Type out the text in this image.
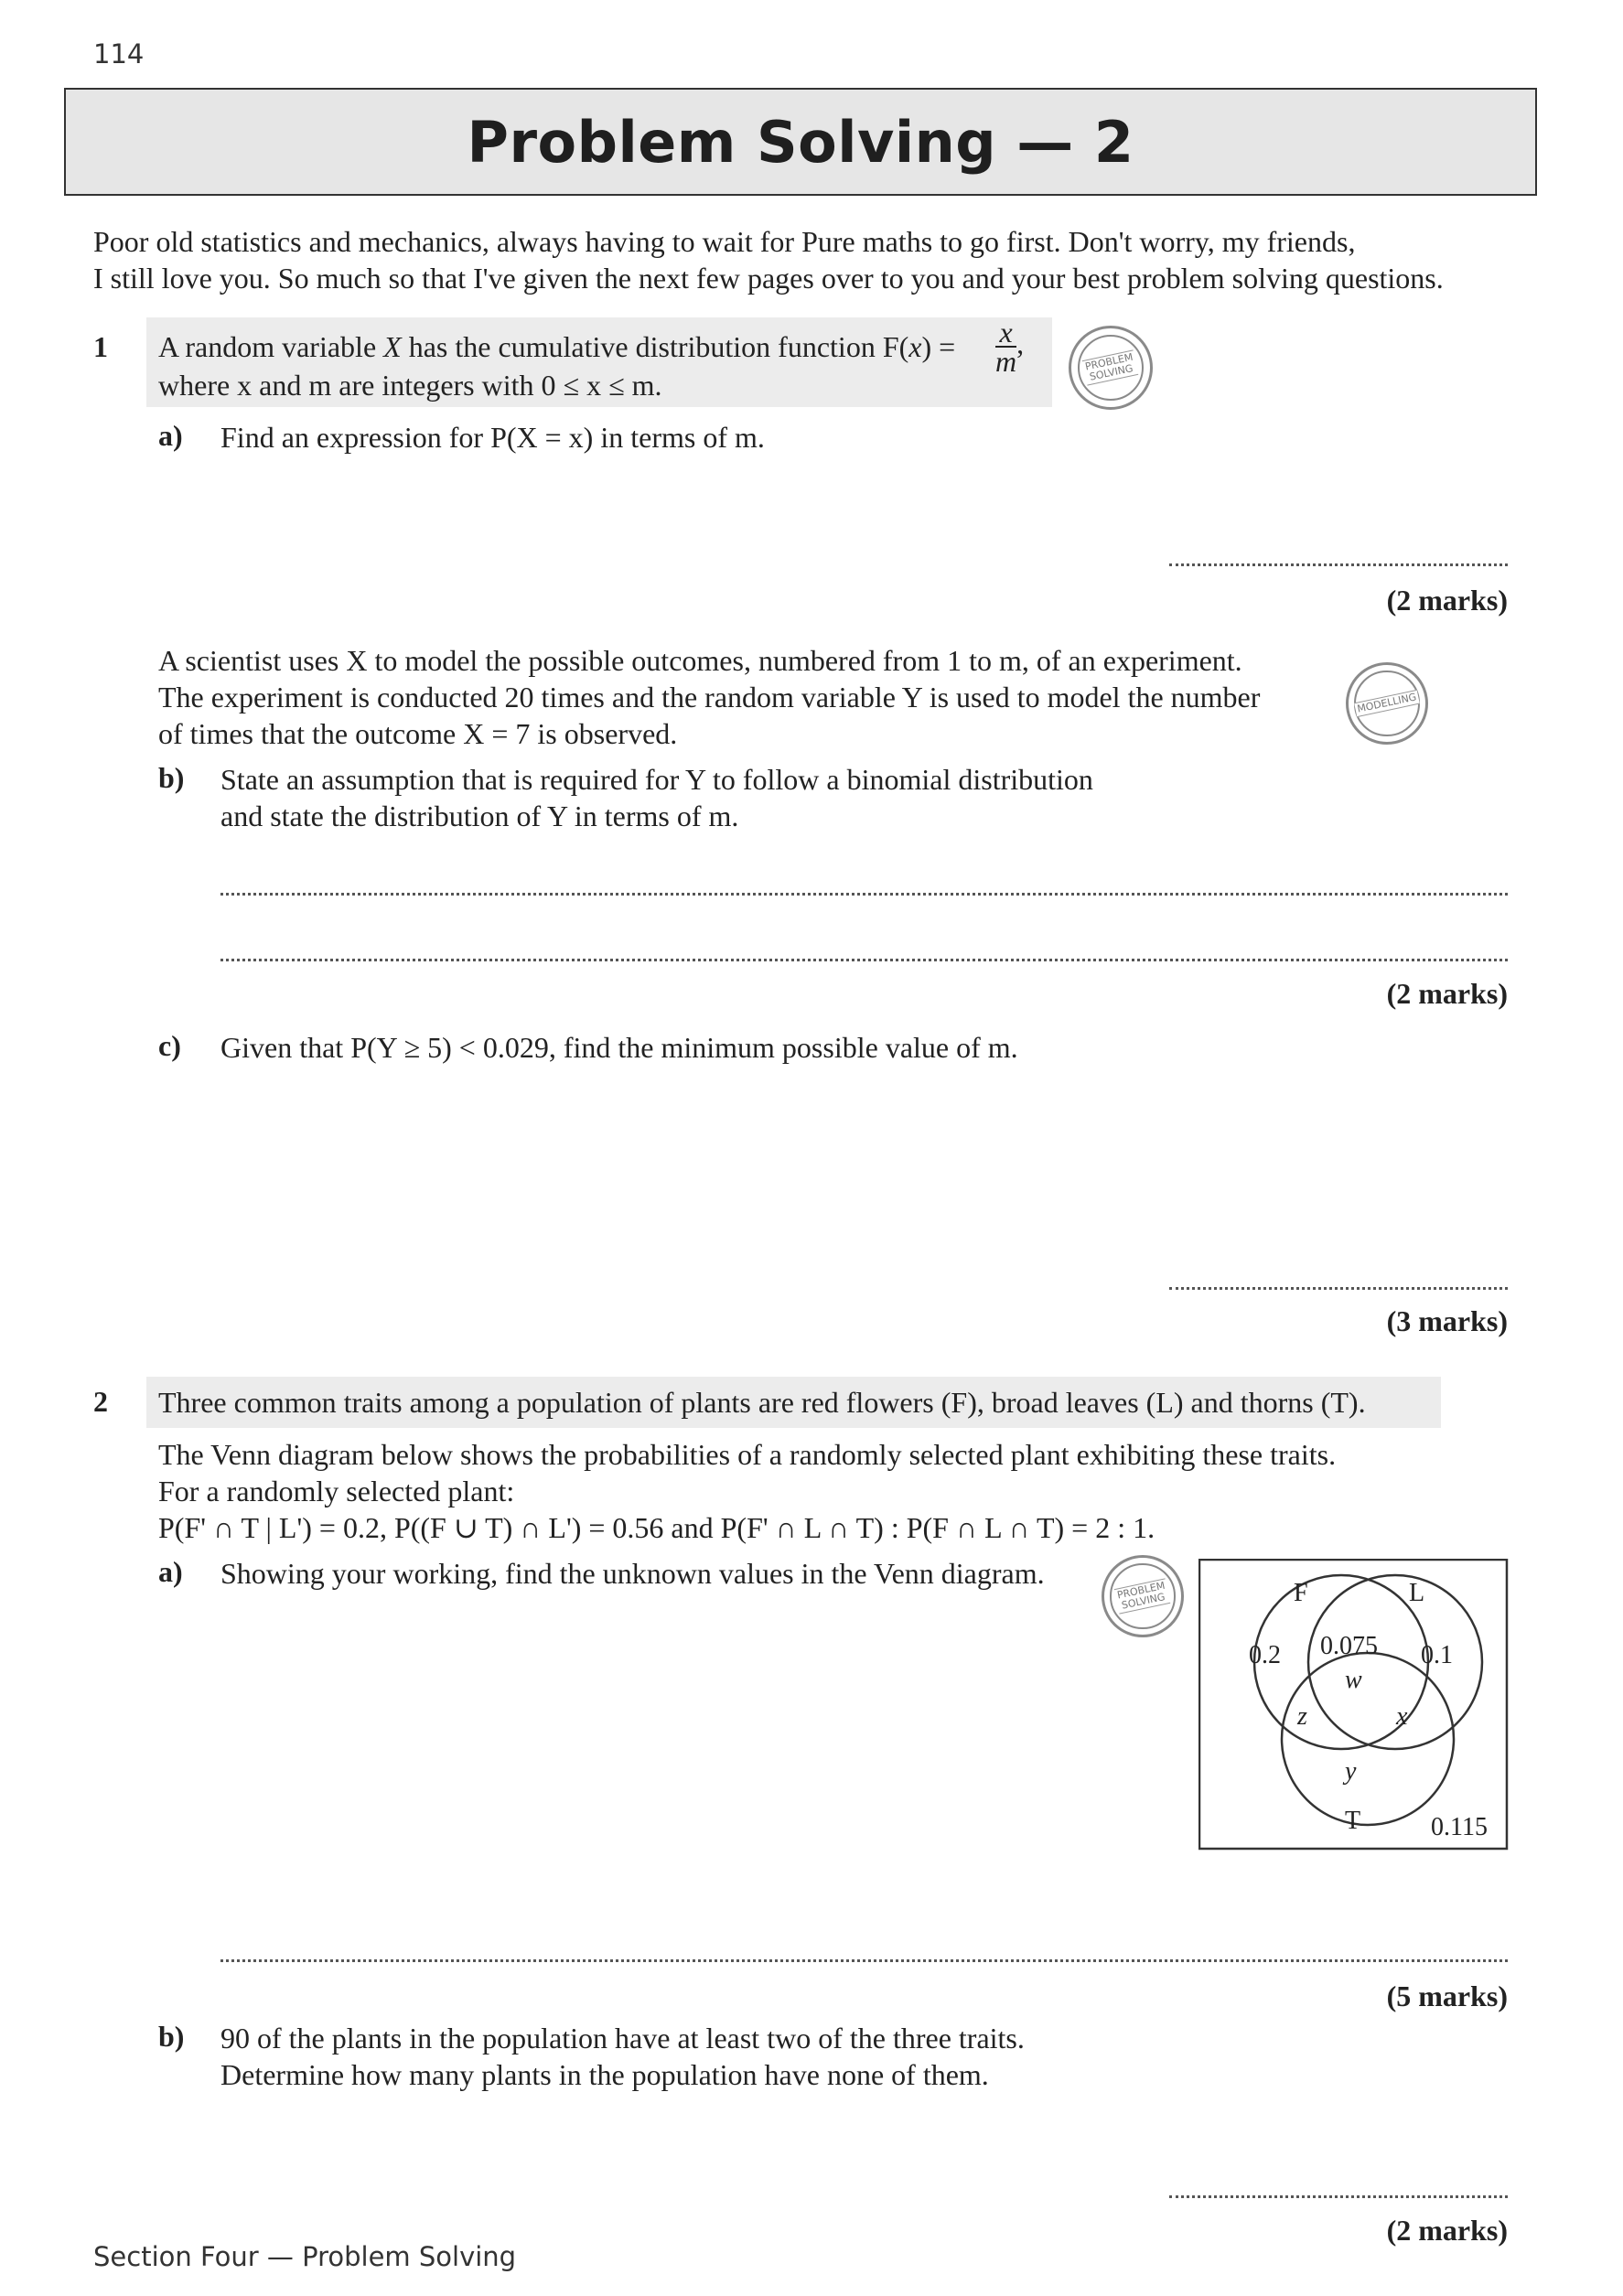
114
Problem Solving — 2
Poor old statistics and mechanics, always having to wait for Pure maths to go first. Don't worry, my friends,
I still love you. So much so that I've given the next few pages over to you and your best problem solving questions.
1 A random variable X has the cumulative distribution function $F(x) = \frac{x}{m}$ ,
where x and m are integers with 0 ≤ x ≤ m.
PROBLEM
SOLVING
a) Find an expression for P(X = x) in terms of m.
(2 marks)
A scientist uses X to model the possible outcomes, numbered from 1 to m, of an experiment.
The experiment is conducted 20 times and the random variable Y is used to model the number
of times that the outcome X = 7 is observed.
MODELLING
b) State an assumption that is required for Y to follow a binomial distribution
and state the distribution of Y in terms of m.
(2 marks)
c) Given that P(Y ≥ 5) < 0.029, find the minimum possible value of m.
(3 marks)
2 Three common traits among a population of plants are red flowers (F), broad leaves (L) and thorns (T).
The Venn diagram below shows the probabilities of a randomly selected plant exhibiting these traits.
For a randomly selected plant:
P(F' ∩ T | L') = 0.2, P((F ∪ T) ∩ L') = 0.56 and P(F' ∩ L ∩ T) : P(F ∩ L ∩ T) = 2 : 1.
a) Showing your working, find the unknown values in the Venn diagram.
PROBLEM
SOLVING	F	L
T
0.2 0.075 0.1
w
z	x
y
0.115
(5 marks)
b) 90 of the plants in the population have at least two of the three traits.
Determine how many plants in the population have none of them.
(2 marks)
Section Four — Problem Solving
